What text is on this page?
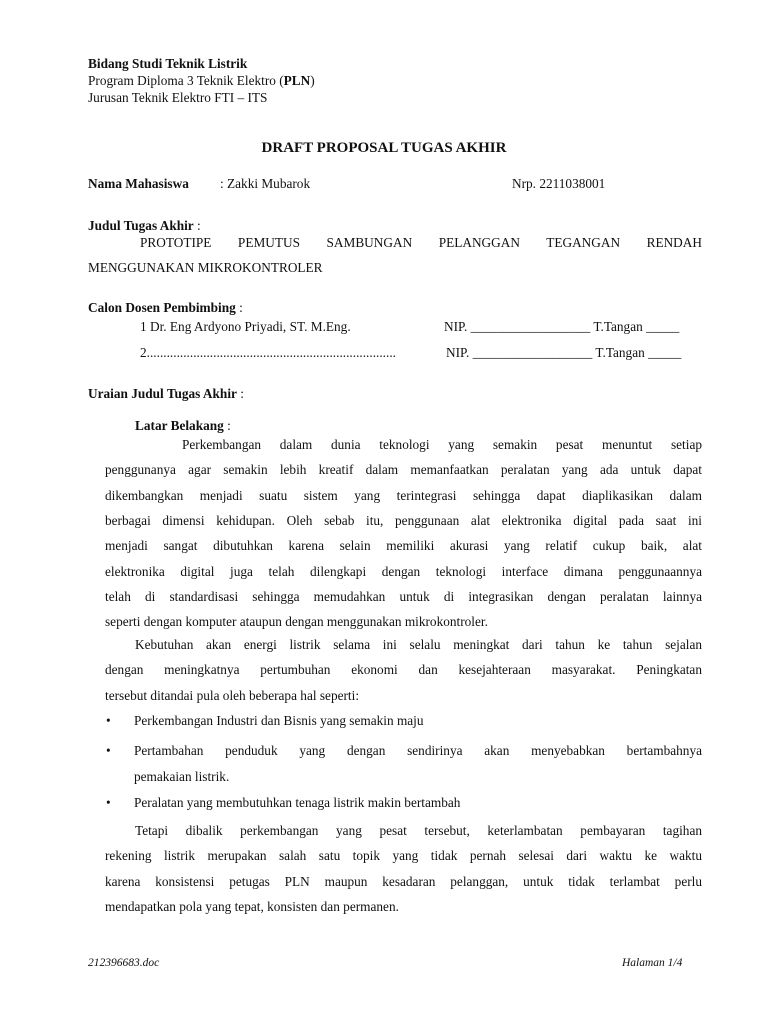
Bidang Studi Teknik Listrik
Program Diploma 3 Teknik Elektro (PLN)
Jurusan Teknik Elektro FTI – ITS
DRAFT PROPOSAL TUGAS AKHIR
Nama Mahasiswa : Zakki Mubarok	Nrp. 2211038001
Judul Tugas Akhir :
PROTOTIPE PEMUTUS SAMBUNGAN PELANGGAN TEGANGAN RENDAH
MENGGUNAKAN MIKROKONTROLER
Calon Dosen Pembimbing :
1 Dr. Eng Ardyono Priyadi, ST. M.Eng.	NIP. __________________ T.Tangan _____
2...........................................................................	NIP. __________________ T.Tangan _____
Uraian Judul Tugas Akhir :
Latar Belakang :
Perkembangan dalam dunia teknologi yang semakin pesat menuntut setiap
penggunanya agar semakin lebih kreatif dalam memanfaatkan peralatan yang ada untuk dapat
dikembangkan menjadi suatu sistem yang terintegrasi sehingga dapat diaplikasikan dalam
berbagai dimensi kehidupan. Oleh sebab itu, penggunaan alat elektronika digital pada saat ini
menjadi sangat dibutuhkan karena selain memiliki akurasi yang relatif cukup baik, alat
elektronika digital juga telah dilengkapi dengan teknologi interface dimana penggunaannya
telah di standardisasi sehingga memudahkan untuk di integrasikan dengan peralatan lainnya
seperti dengan komputer ataupun dengan menggunakan mikrokontroler.
Kebutuhan akan energi listrik selama ini selalu meningkat dari tahun ke tahun sejalan
dengan meningkatnya pertumbuhan ekonomi dan kesejahteraan masyarakat. Peningkatan
tersebut ditandai pula oleh beberapa hal seperti:
• Perkembangan Industri dan Bisnis yang semakin maju
• Pertambahan penduduk yang dengan sendirinya akan menyebabkan bertambahnya
pemakaian listrik.
• Peralatan yang membutuhkan tenaga listrik makin bertambah
Tetapi dibalik perkembangan yang pesat tersebut, keterlambatan pembayaran tagihan
rekening listrik merupakan salah satu topik yang tidak pernah selesai dari waktu ke waktu
karena konsistensi petugas PLN maupun kesadaran pelanggan, untuk tidak terlambat perlu
mendapatkan pola yang tepat, konsisten dan permanen.
212396683.doc	Halaman 1/4
